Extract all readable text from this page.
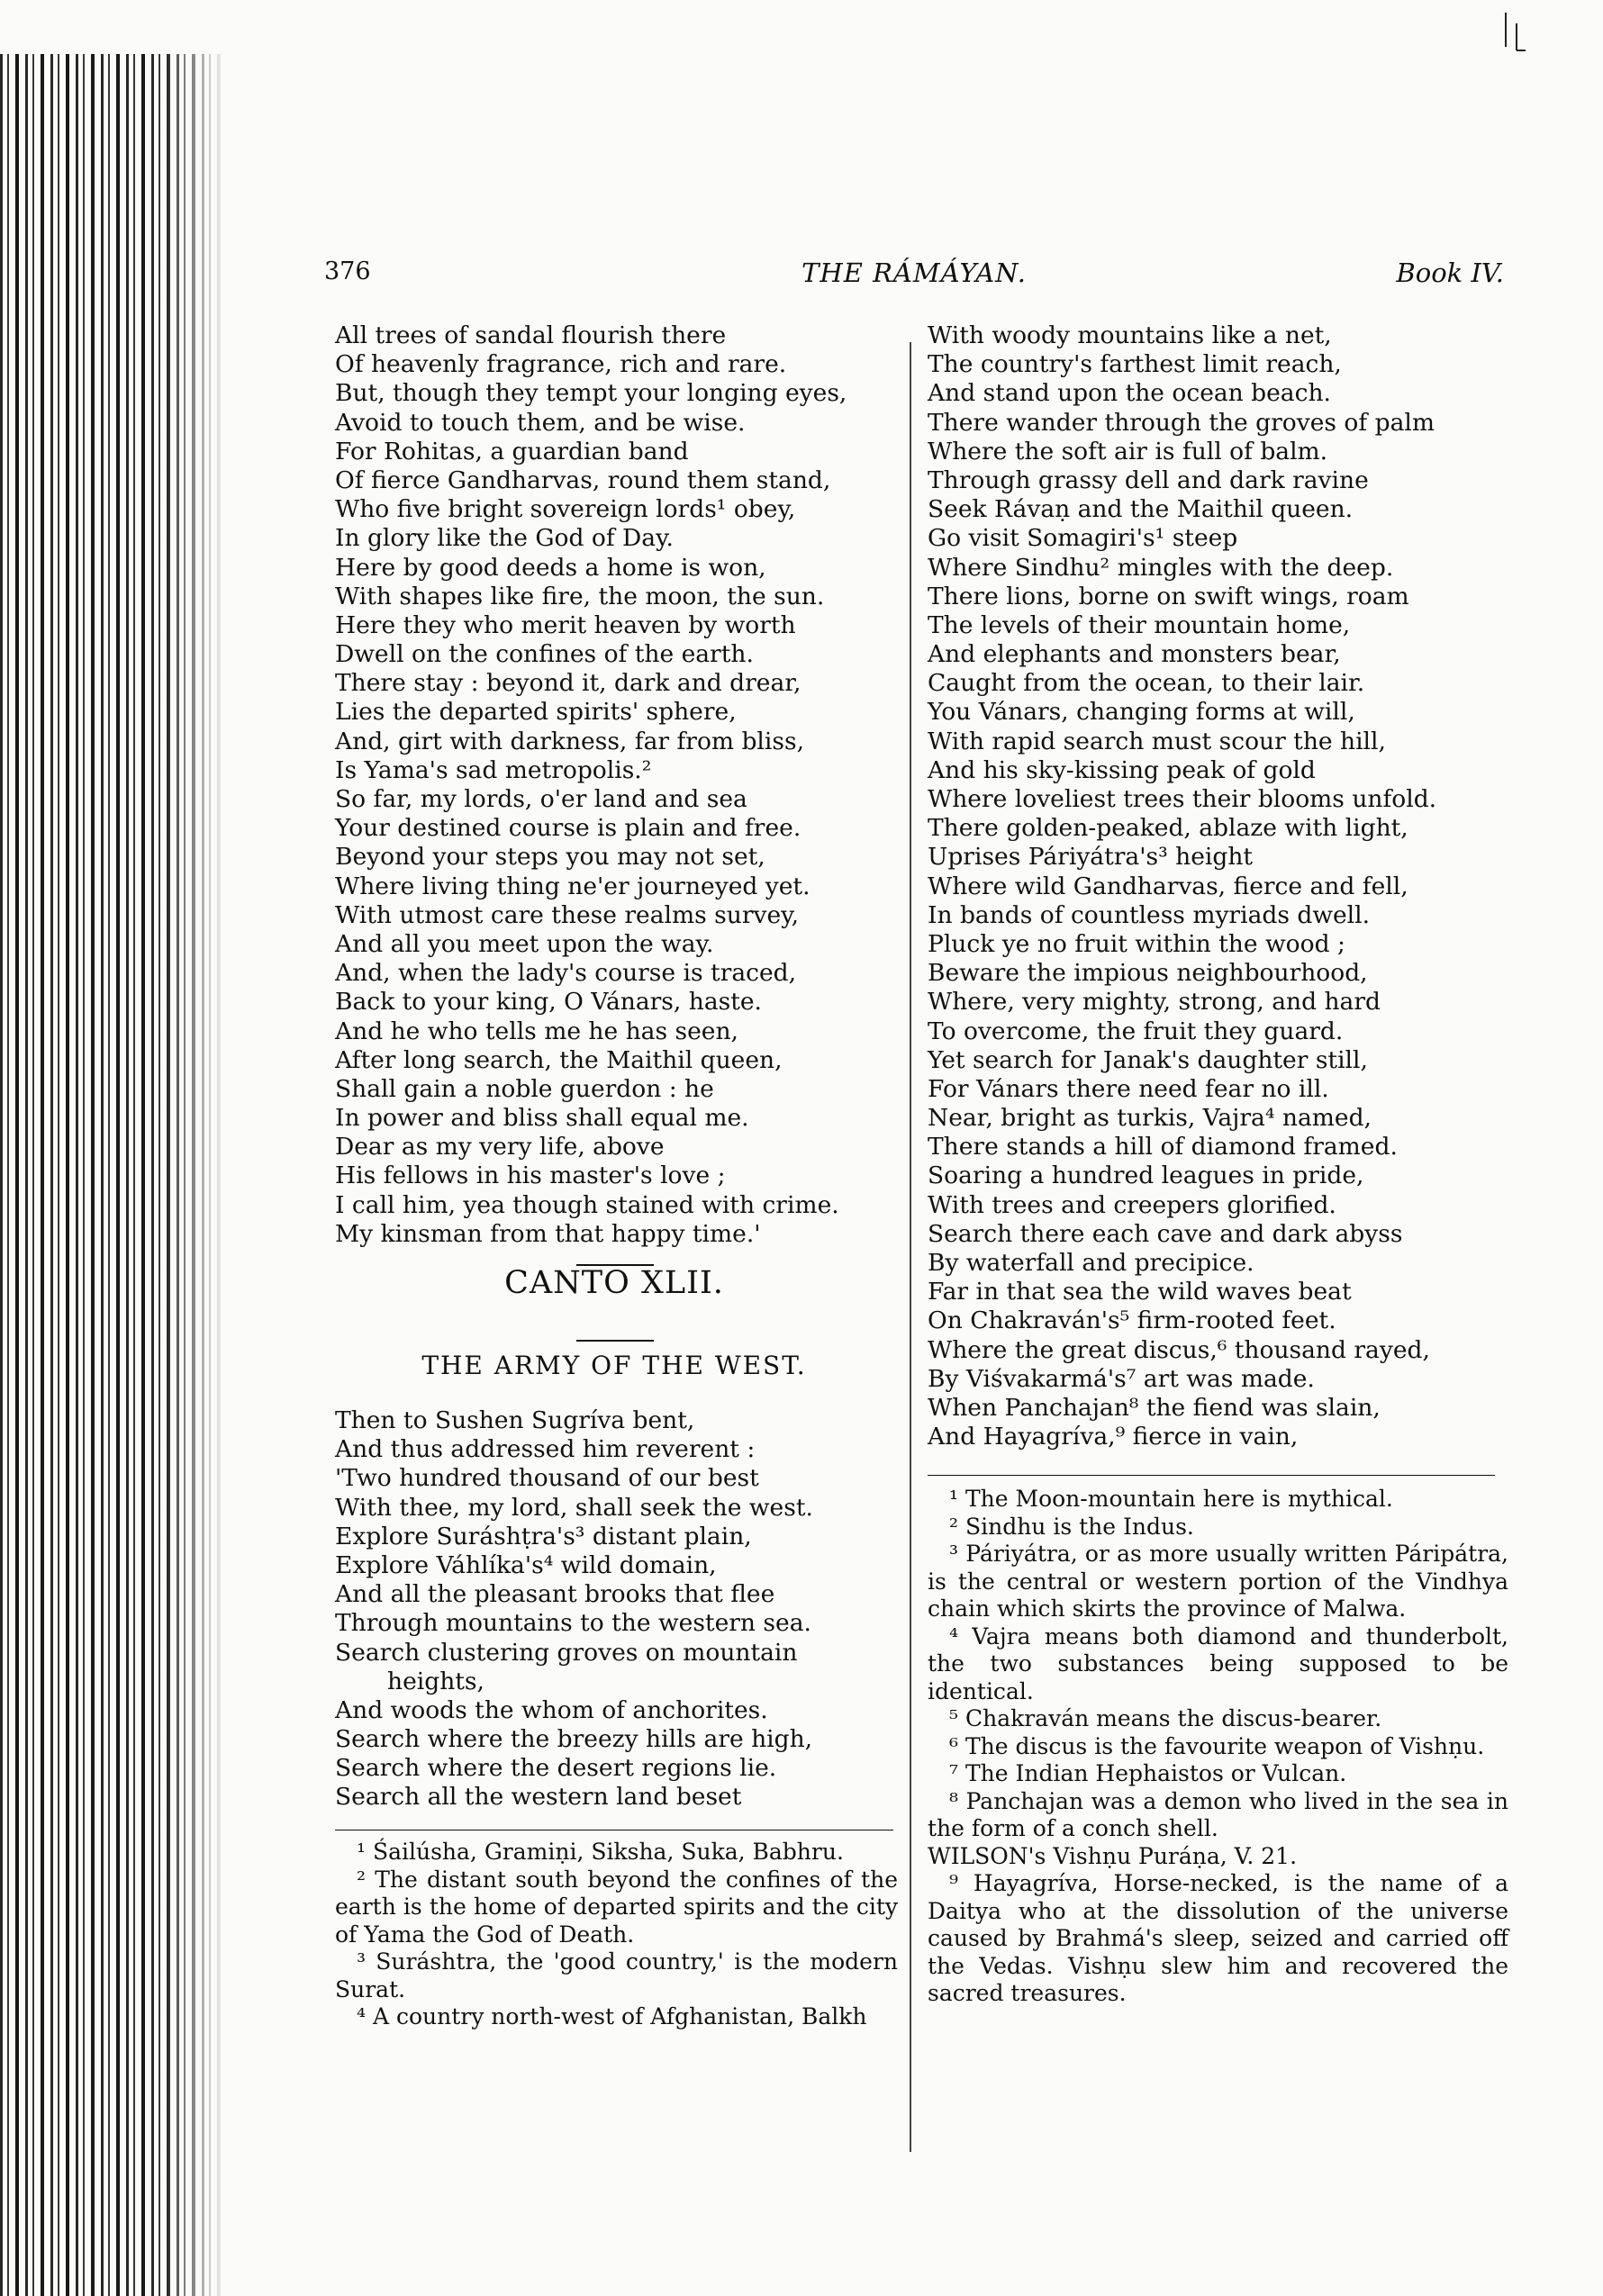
376	THE RÁMÁYAN.	Book IV.
All trees of sandal flourish there
Of heavenly fragrance, rich and rare.
But, though they tempt your longing eyes,
Avoid to touch them, and be wise.
For Rohitas, a guardian band
Of fierce Gandharvas, round them stand,
Who five bright sovereign lords¹ obey,
In glory like the God of Day.
Here by good deeds a home is won,
With shapes like fire, the moon, the sun.
Here they who merit heaven by worth
Dwell on the confines of the earth.
There stay : beyond it, dark and drear,
Lies the departed spirits' sphere,
And, girt with darkness, far from bliss,
Is Yama's sad metropolis.²
So far, my lords, o'er land and sea
Your destined course is plain and free.
Beyond your steps you may not set,
Where living thing ne'er journeyed yet.
With utmost care these realms survey,
And all you meet upon the way.
And, when the lady's course is traced,
Back to your king, O Vánars, haste.
And he who tells me he has seen,
After long search, the Maithil queen,
Shall gain a noble guerdon : he
In power and bliss shall equal me.
Dear as my very life, above
His fellows in his master's love ;
I call him, yea though stained with crime.
My kinsman from that happy time.'
CANTO XLII.
THE ARMY OF THE WEST.
Then to Sushen Sugríva bent,
And thus addressed him reverent :
'Two hundred thousand of our best
With thee, my lord, shall seek the west.
Explore Suráshṭra's³ distant plain,
Explore Váhlíka's⁴ wild domain,
And all the pleasant brooks that flee
Through mountains to the western sea.
Search clustering groves on mountain
heights,
And woods the whom of anchorites.
Search where the breezy hills are high,
Search where the desert regions lie.
Search all the western land beset

¹ Śailúsha, Gramiṇi, Siksha, Suka, Babhru.

² The distant south beyond the confines of the earth is the home of departed spirits and the city of Yama the God of Death.

³ Suráshtra, the 'good country,' is the modern Surat.

⁴ A country north-west of Afghanistan, Balkh

With woody mountains like a net,
The country's farthest limit reach,
And stand upon the ocean beach.
There wander through the groves of palm
Where the soft air is full of balm.
Through grassy dell and dark ravine
Seek Rávaṇ and the Maithil queen.
Go visit Somagiri's¹ steep
Where Sindhu² mingles with the deep.
There lions, borne on swift wings, roam
The levels of their mountain home,
And elephants and monsters bear,
Caught from the ocean, to their lair.
You Vánars, changing forms at will,
With rapid search must scour the hill,
And his sky-kissing peak of gold
Where loveliest trees their blooms unfold.
There golden-peaked, ablaze with light,
Uprises Páriyátra's³ height
Where wild Gandharvas, fierce and fell,
In bands of countless myriads dwell.
Pluck ye no fruit within the wood ;
Beware the impious neighbourhood,
Where, very mighty, strong, and hard
To overcome, the fruit they guard.
Yet search for Janak's daughter still,
For Vánars there need fear no ill.
Near, bright as turkis, Vajra⁴ named,
There stands a hill of diamond framed.
Soaring a hundred leagues in pride,
With trees and creepers glorified.
Search there each cave and dark abyss
By waterfall and precipice.
Far in that sea the wild waves beat
On Chakraván's⁵ firm-rooted feet.
Where the great discus,⁶ thousand rayed,
By Viśvakarmá's⁷ art was made.
When Panchajan⁸ the fiend was slain,
And Hayagríva,⁹ fierce in vain,

¹ The Moon-mountain here is mythical.

² Sindhu is the Indus.

³ Páriyátra, or as more usually written Páripátra, is the central or western portion of the Vindhya chain which skirts the province of Malwa.

⁴ Vajra means both diamond and thunderbolt, the two substances being supposed to be identical.

⁵ Chakraván means the discus-bearer.

⁶ The discus is the favourite weapon of Vishṇu.

⁷ The Indian Hephaistos or Vulcan.

⁸ Panchajan was a demon who lived in the sea in the form of a conch shell.

WILSON's Vishṇu Puráṇa, V. 21.

⁹ Hayagríva, Horse-necked, is the name of a Daitya who at the dissolution of the universe caused by Brahmá's sleep, seized and carried off the Vedas. Vishṇu slew him and recovered the sacred treasures.
